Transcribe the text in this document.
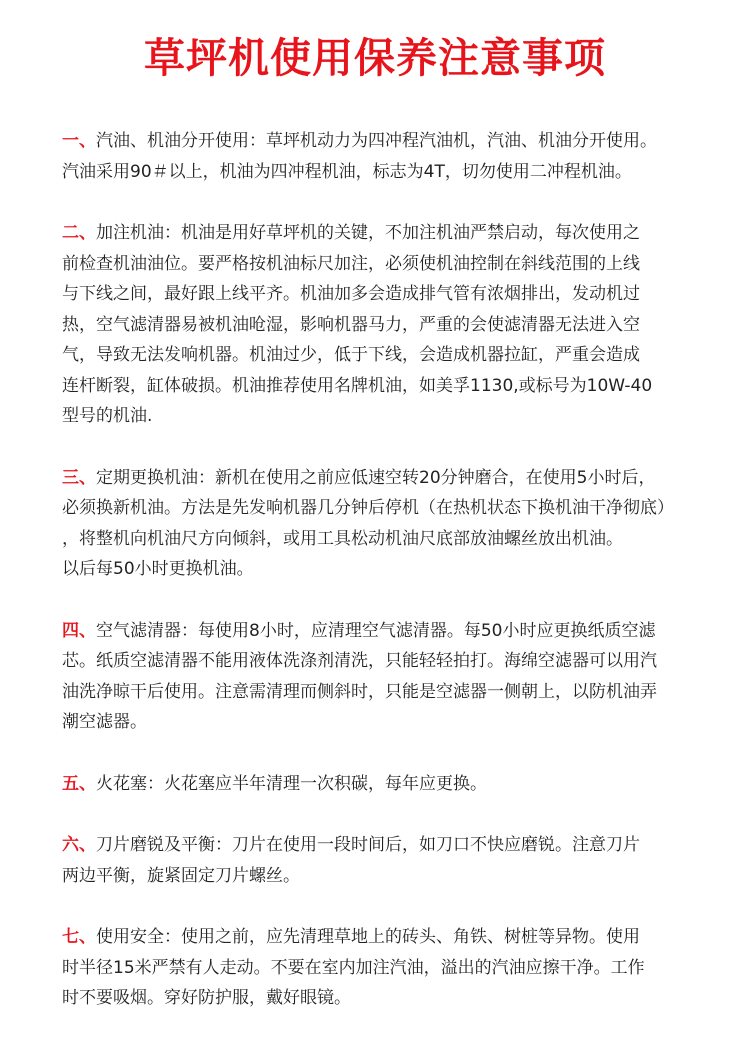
草坪机使用保养注意事项
一、汽油、机油分开使用：草坪机动力为四冲程汽油机，汽油、机油分开使用。
汽油采用90＃以上，机油为四冲程机油，标志为4T，切勿使用二冲程机油。
二、加注机油：机油是用好草坪机的关键，不加注机油严禁启动，每次使用之
前检查机油油位。要严格按机油标尺加注，必须使机油控制在斜线范围的上线
与下线之间，最好跟上线平齐。机油加多会造成排气管有浓烟排出，发动机过
热，空气滤清器易被机油呛湿，影响机器马力，严重的会使滤清器无法进入空
气，导致无法发响机器。机油过少，低于下线，会造成机器拉缸，严重会造成
连杆断裂，缸体破损。机油推荐使用名牌机油，如美孚1130,或标号为10W-40
型号的机油.
三、定期更换机油：新机在使用之前应低速空转20分钟磨合，在使用5小时后，
必须换新机油。方法是先发响机器几分钟后停机（在热机状态下换机油干净彻底）
，将整机向机油尺方向倾斜，或用工具松动机油尺底部放油螺丝放出机油。
以后每50小时更换机油。
四、空气滤清器：每使用8小时，应清理空气滤清器。每50小时应更换纸质空滤
芯。纸质空滤清器不能用液体洗涤剂清洗，只能轻轻拍打。海绵空滤器可以用汽
油洗净晾干后使用。注意需清理而侧斜时，只能是空滤器一侧朝上，以防机油弄
潮空滤器。
五、火花塞：火花塞应半年清理一次积碳，每年应更换。
六、刀片磨锐及平衡：刀片在使用一段时间后，如刀口不快应磨锐。注意刀片
两边平衡，旋紧固定刀片螺丝。
七、使用安全：使用之前，应先清理草地上的砖头、角铁、树桩等异物。使用
时半径15米严禁有人走动。不要在室内加注汽油，溢出的汽油应擦干净。工作
时不要吸烟。穿好防护服，戴好眼镜。
